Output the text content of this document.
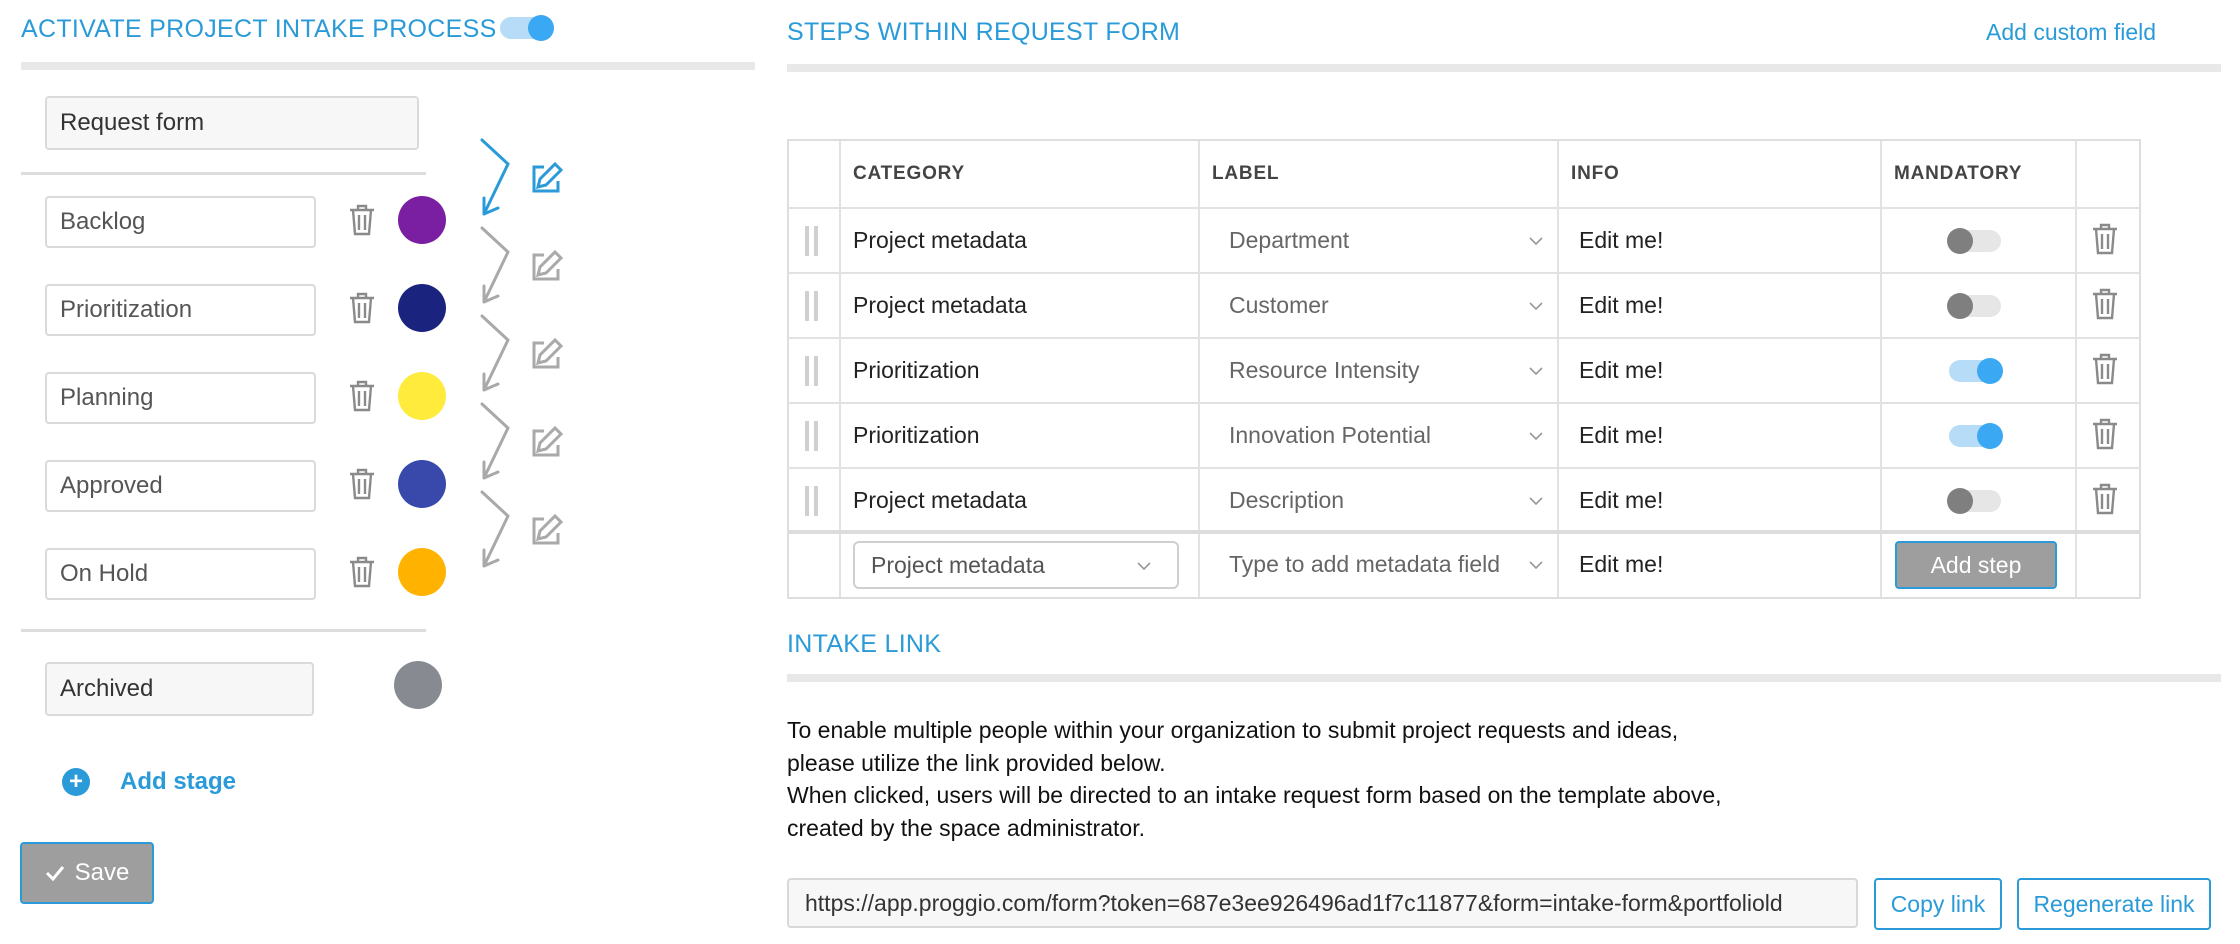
ACTIVATE PROJECT INTAKE PROCESS
Request form
Backlog
Prioritization
Planning
Approved
On Hold
Archived
+ Add stage
Save
STEPS WITHIN REQUEST FORM	Add custom field
CATEGORY	LABEL	INFO	MANDATORY
Project metadata	Department	Edit me!
Project metadata	Customer	Edit me!
Prioritization	Resource Intensity	Edit me!
Prioritization	Innovation Potential	Edit me!
Project metadata	Description	Edit me!
Project metadata	Type to add metadata field	Edit me!	Add step
INTAKE LINK
To enable multiple people within your organization to submit project requests and ideas,
please utilize the link provided below.
When clicked, users will be directed to an intake request form based on the template above,
created by the space administrator.
https://app.proggio.com/form?token=687e3ee926496ad1f7c11877&form=intake-form&portfoliold	Copy link	Regenerate link
